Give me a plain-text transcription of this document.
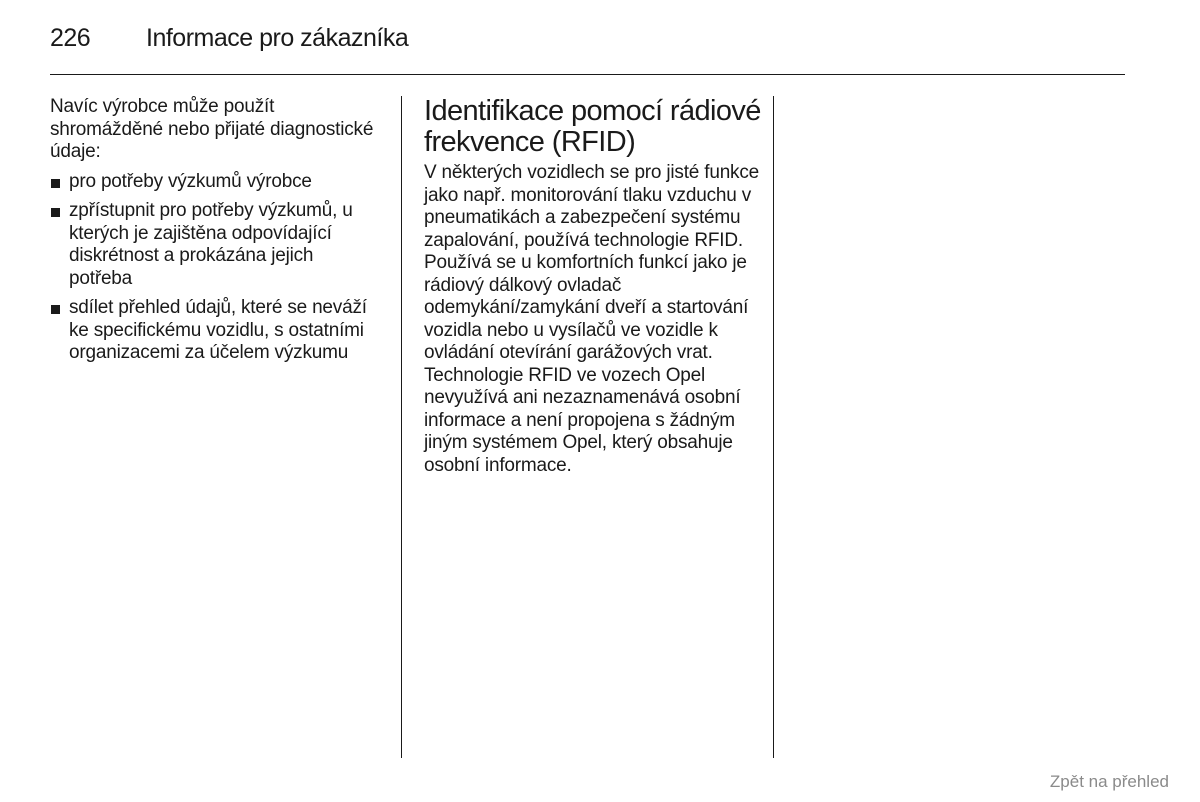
226 Informace pro zákazníka

Navíc výrobce může použít shromážděné nebo přijaté diagnostické údaje:

pro potřeby výzkumů výrobce
zpřístupnit pro potřeby výzkumů, u kterých je zajištěna odpovídající diskrétnost a prokázána jejich potřeba
sdílet přehled údajů, které se neváží ke specifickému vozidlu, s ostatními organizacemi za účelem výzkumu
Identifikace pomocí rádiové frekvence (RFID)

V některých vozidlech se pro jisté funkce jako např. monitorování tlaku vzduchu v pneumatikách a zabezpečení systému zapalování, používá technologie RFID. Používá se u komfortních funkcí jako je rádiový dálkový ovladač odemykání/zamykání dveří a startování vozidla nebo u vysílačů ve vozidle k ovládání otevírání garážových vrat. Technologie RFID ve vozech Opel nevyužívá ani nezaznamenává osobní informace a není propojena s žádným jiným systémem Opel, který obsahuje osobní informace.

Zpět na přehled
